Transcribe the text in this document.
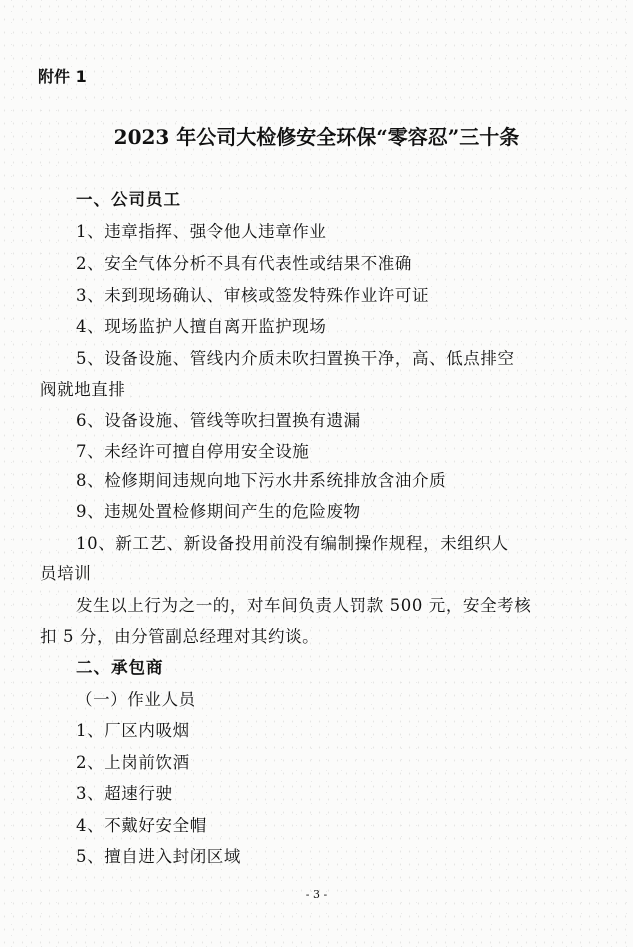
附件 1
2023 年公司大检修安全环保“零容忍”三十条
一、公司员工
1、违章指挥、强令他人违章作业
2、安全气体分析不具有代表性或结果不准确
3、未到现场确认、审核或签发特殊作业许可证
4、现场监护人擅自离开监护现场
5、设备设施、管线内介质未吹扫置换干净，高、低点排空
阀就地直排
6、设备设施、管线等吹扫置换有遗漏
7、未经许可擅自停用安全设施
8、检修期间违规向地下污水井系统排放含油介质
9、违规处置检修期间产生的危险废物
10、新工艺、新设备投用前没有编制操作规程，未组织人
员培训
发生以上行为之一的，对车间负责人罚款 500 元，安全考核
扣 5 分，由分管副总经理对其约谈。
二、承包商
（一）作业人员
1、厂区内吸烟
2、上岗前饮酒
3、超速行驶
4、不戴好安全帽
5、擅自进入封闭区域
- 3 -
